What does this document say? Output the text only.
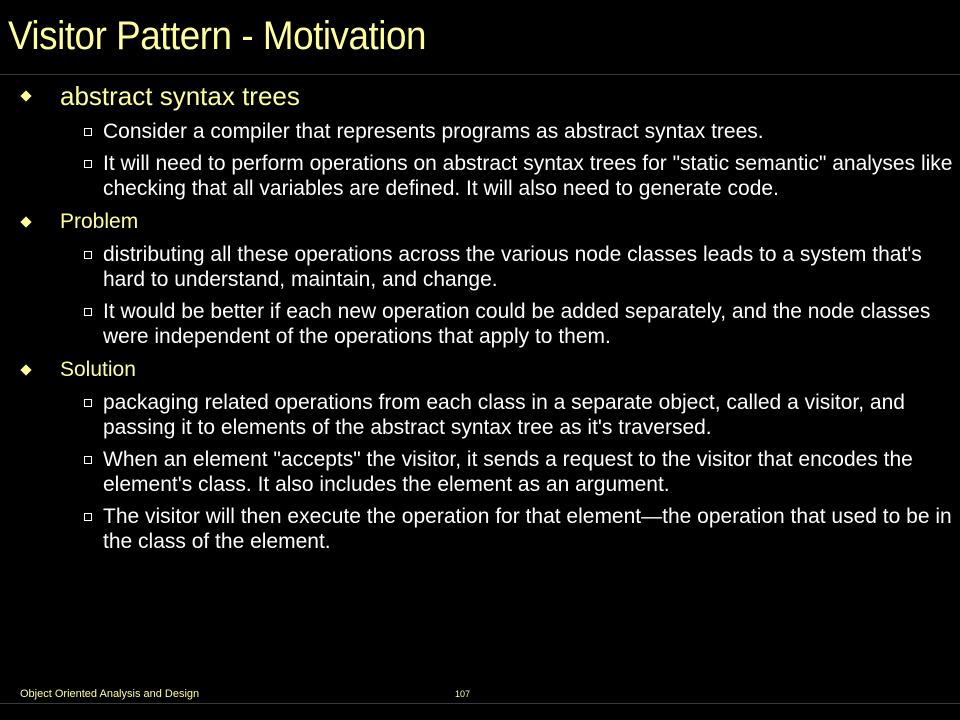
Visitor Pattern - Motivation
abstract syntax trees
Consider a compiler that represents programs as abstract syntax trees.
It will need to perform operations on abstract syntax trees for "static semantic" analyses like checking that all variables are defined. It will also need to generate code.
Problem
distributing all these operations across the various node classes leads to a system that's hard to understand, maintain, and change.
It would be better if each new operation could be added separately, and the node classes were independent of the operations that apply to them.
Solution
packaging related operations from each class in a separate object, called a visitor, and passing it to elements of the abstract syntax tree as it's traversed.
When an element "accepts" the visitor, it sends a request to the visitor that encodes the element's class. It also includes the element as an argument.
The visitor will then execute the operation for that element—the operation that used to be in the class of the element.
Object Oriented Analysis and Design	107
